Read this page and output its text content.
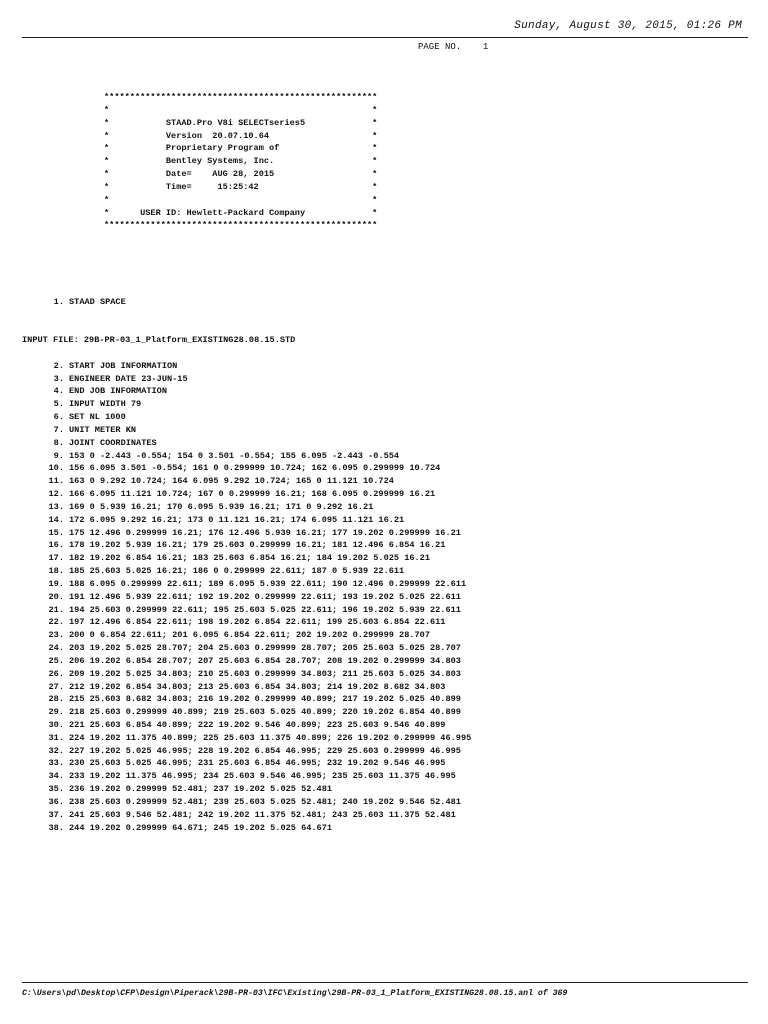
Sunday, August 30, 2015, 01:26 PM
PAGE NO. 1
*****************************************************
*                                                   *
*           STAAD.Pro V8i SELECTseries5             *
*           Version  20.07.10.64                    *
*           Proprietary Program of                  *
*           Bentley Systems, Inc.                   *
*           Date=    AUG 28, 2015                   *
*           Time=     15:25:42                      *
*                                                   *
*      USER ID: Hewlett-Packard Company             *
*****************************************************

1. STAAD SPACE

INPUT FILE: 29B-PR-03_1_Platform_EXISTING28.08.15.STD

2. START JOB INFORMATION
3. ENGINEER DATE 23-JUN-15
4. END JOB INFORMATION
5. INPUT WIDTH 79
6. SET NL 1000
7. UNIT METER KN
8. JOINT COORDINATES
9. 153 0 -2.443 -0.554; 154 0 3.501 -0.554; 155 6.095 -2.443 -0.554
10. 156 6.095 3.501 -0.554; 161 0 0.299999 10.724; 162 6.095 0.299999 10.724
11. 163 0 9.292 10.724; 164 6.095 9.292 10.724; 165 0 11.121 10.724
12. 166 6.095 11.121 10.724; 167 0 0.299999 16.21; 168 6.095 0.299999 16.21
13. 169 0 5.939 16.21; 170 6.095 5.939 16.21; 171 0 9.292 16.21
14. 172 6.095 9.292 16.21; 173 0 11.121 16.21; 174 6.095 11.121 16.21
15. 175 12.496 0.299999 16.21; 176 12.496 5.939 16.21; 177 19.202 0.299999 16.21
16. 178 19.202 5.939 16.21; 179 25.603 0.299999 16.21; 181 12.496 6.854 16.21
17. 182 19.202 6.854 16.21; 183 25.603 6.854 16.21; 184 19.202 5.025 16.21
18. 185 25.603 5.025 16.21; 186 0 0.299999 22.611; 187 0 5.939 22.611
19. 188 6.095 0.299999 22.611; 189 6.095 5.939 22.611; 190 12.496 0.299999 22.611
20. 191 12.496 5.939 22.611; 192 19.202 0.299999 22.611; 193 19.202 5.025 22.611
21. 194 25.603 0.299999 22.611; 195 25.603 5.025 22.611; 196 19.202 5.939 22.611
22. 197 12.496 6.854 22.611; 198 19.202 6.854 22.611; 199 25.603 6.854 22.611
23. 200 0 6.854 22.611; 201 6.095 6.854 22.611; 202 19.202 0.299999 28.707
24. 203 19.202 5.025 28.707; 204 25.603 0.299999 28.707; 205 25.603 5.025 28.707
25. 206 19.202 6.854 28.707; 207 25.603 6.854 28.707; 208 19.202 0.299999 34.803
26. 209 19.202 5.025 34.803; 210 25.603 0.299999 34.803; 211 25.603 5.025 34.803
27. 212 19.202 6.854 34.803; 213 25.603 6.854 34.803; 214 19.202 8.682 34.803
28. 215 25.603 8.682 34.803; 216 19.202 0.299999 40.899; 217 19.202 5.025 40.899
29. 218 25.603 0.299999 40.899; 219 25.603 5.025 40.899; 220 19.202 6.854 40.899
30. 221 25.603 6.854 40.899; 222 19.202 9.546 40.899; 223 25.603 9.546 40.899
31. 224 19.202 11.375 40.899; 225 25.603 11.375 40.899; 226 19.202 0.299999 46.995
32. 227 19.202 5.025 46.995; 228 19.202 6.854 46.995; 229 25.603 0.299999 46.995
33. 230 25.603 5.025 46.995; 231 25.603 6.854 46.995; 232 19.202 9.546 46.995
34. 233 19.202 11.375 46.995; 234 25.603 9.546 46.995; 235 25.603 11.375 46.995
35. 236 19.202 0.299999 52.481; 237 19.202 5.025 52.481
36. 238 25.603 0.299999 52.481; 239 25.603 5.025 52.481; 240 19.202 9.546 52.481
37. 241 25.603 9.546 52.481; 242 19.202 11.375 52.481; 243 25.603 11.375 52.481
38. 244 19.202 0.299999 64.671; 245 19.202 5.025 64.671
C:\Users\pd\Desktop\CFP\Design\Piperack\29B-PR-03\IFC\Existing\29B-PR-03_1_Platform_EXISTING28.08.15.anl of 369
